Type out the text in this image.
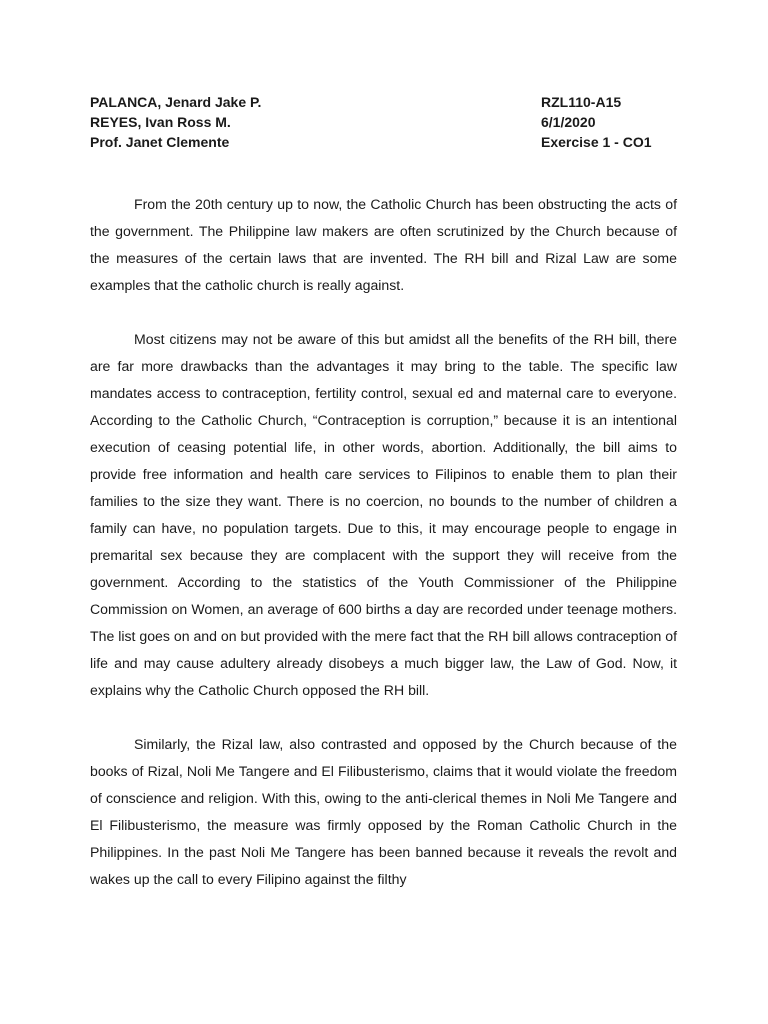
PALANCA, Jenard Jake P.
REYES, Ivan Ross M.
Prof. Janet Clemente
RZL110-A15
6/1/2020
Exercise 1 - CO1

From the 20th century up to now, the Catholic Church has been obstructing the acts of the government. The Philippine law makers are often scrutinized by the Church because of the measures of the certain laws that are invented. The RH bill and Rizal Law are some examples that the catholic church is really against.

Most citizens may not be aware of this but amidst all the benefits of the RH bill, there are far more drawbacks than the advantages it may bring to the table. The specific law mandates access to contraception, fertility control, sexual ed and maternal care to everyone. According to the Catholic Church, “Contraception is corruption,” because it is an intentional execution of ceasing potential life, in other words, abortion. Additionally, the bill aims to provide free information and health care services to Filipinos to enable them to plan their families to the size they want. There is no coercion, no bounds to the number of children a family can have, no population targets. Due to this, it may encourage people to engage in premarital sex because they are complacent with the support they will receive from the government. According to the statistics of the Youth Commissioner of the Philippine Commission on Women, an average of 600 births a day are recorded under teenage mothers. The list goes on and on but provided with the mere fact that the RH bill allows contraception of life and may cause adultery already disobeys a much bigger law, the Law of God. Now, it explains why the Catholic Church opposed the RH bill.

Similarly, the Rizal law, also contrasted and opposed by the Church because of the books of Rizal, Noli Me Tangere and El Filibusterismo, claims that it would violate the freedom of conscience and religion. With this, owing to the anti-clerical themes in Noli Me Tangere and El Filibusterismo, the measure was firmly opposed by the Roman Catholic Church in the Philippines. In the past Noli Me Tangere has been banned because it reveals the revolt and wakes up the call to every Filipino against the filthy
